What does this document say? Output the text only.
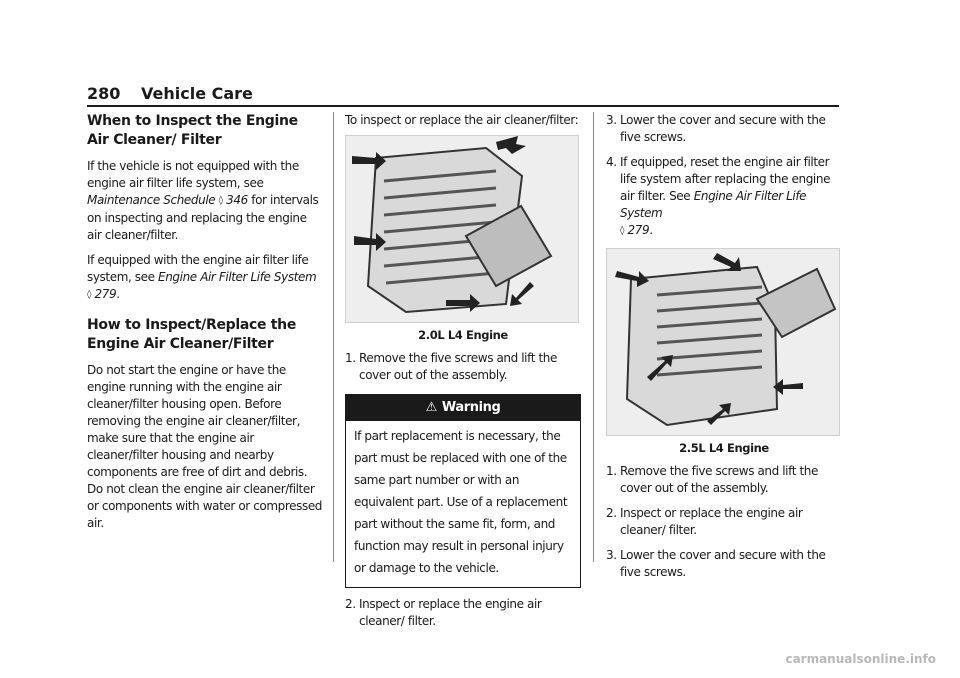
280 Vehicle Care
When to Inspect the Engine Air Cleaner/ Filter

If the vehicle is not equipped with the engine air filter life system, see Maintenance Schedule ◊ 346 for intervals on inspecting and replacing the engine air cleaner/filter.

If equipped with the engine air filter life system, see Engine Air Filter Life System
◊ 279.

How to Inspect/Replace the Engine Air Cleaner/Filter

Do not start the engine or have the engine running with the engine air cleaner/filter housing open. Before removing the engine air cleaner/filter, make sure that the engine air cleaner/filter housing and nearby components are free of dirt and debris. Do not clean the engine air cleaner/filter or components with water or compressed air.

To inspect or replace the air cleaner/filter:

2.0L L4 Engine

1. Remove the five screws and lift the cover out of the assembly.
⚠ Warning
If part replacement is necessary, the part must be replaced with one of the same part number or with an equivalent part. Use of a replacement part without the same fit, form, and function may result in personal injury or damage to the vehicle.
2. Inspect or replace the engine air cleaner/ filter.
3. Lower the cover and secure with the five screws.
4. If equipped, reset the engine air filter life system after replacing the engine air filter. See Engine Air Filter Life System
◊ 279.

2.5L L4 Engine

1. Remove the five screws and lift the cover out of the assembly.
2. Inspect or replace the engine air cleaner/ filter.
3. Lower the cover and secure with the five screws.
carmanualsonline.info
